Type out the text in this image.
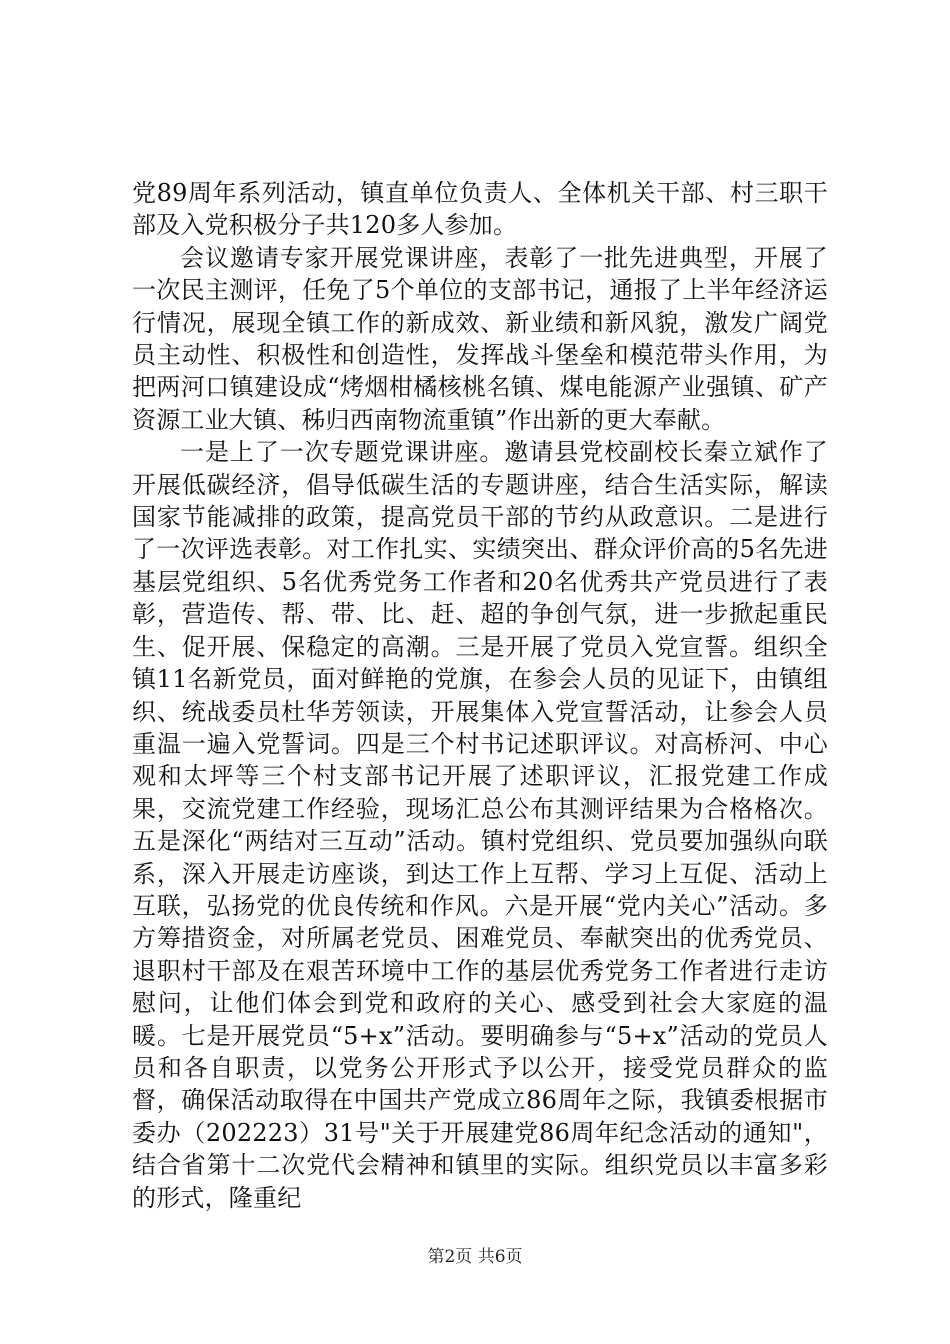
党89周年系列活动，镇直单位负责人、全体机关干部、村三职干部及入党积极分子共120多人参加。

会议邀请专家开展党课讲座，表彰了一批先进典型，开展了一次民主测评，任免了5个单位的支部书记，通报了上半年经济运行情况，展现全镇工作的新成效、新业绩和新风貌，激发广阔党员主动性、积极性和创造性，发挥战斗堡垒和模范带头作用，为把两河口镇建设成“烤烟柑橘核桃名镇、煤电能源产业强镇、矿产资源工业大镇、秭归西南物流重镇”作出新的更大奉献。

一是上了一次专题党课讲座。邀请县党校副校长秦立斌作了开展低碳经济，倡导低碳生活的专题讲座，结合生活实际，解读国家节能减排的政策，提高党员干部的节约从政意识。二是进行了一次评选表彰。对工作扎实、实绩突出、群众评价高的5名先进基层党组织、5名优秀党务工作者和20名优秀共产党员进行了表彰，营造传、帮、带、比、赶、超的争创气氛，进一步掀起重民生、促开展、保稳定的高潮。三是开展了党员入党宣誓。组织全镇11名新党员，面对鲜艳的党旗，在参会人员的见证下，由镇组织、统战委员杜华芳领读，开展集体入党宣誓活动，让参会人员重温一遍入党誓词。四是三个村书记述职评议。对高桥河、中心观和太坪等三个村支部书记开展了述职评议，汇报党建工作成果，交流党建工作经验，现场汇总公布其测评结果为合格格次。五是深化“两结对三互动”活动。镇村党组织、党员要加强纵向联系，深入开展走访座谈，到达工作上互帮、学习上互促、活动上互联，弘扬党的优良传统和作风。六是开展“党内关心”活动。多方筹措资金，对所属老党员、困难党员、奉献突出的优秀党员、退职村干部及在艰苦环境中工作的基层优秀党务工作者进行走访慰问，让他们体会到党和政府的关心、感受到社会大家庭的温暖。七是开展党员“5+x”活动。要明确参与“5+x”活动的党员人员和各自职责，以党务公开形式予以公开，接受党员群众的监督，确保活动取得在中国共产党成立86周年之际，我镇委根据市委办（202223）31号"关于开展建党86周年纪念活动的通知"，结合省第十二次党代会精神和镇里的实际。组织党员以丰富多彩的形式，隆重纪

第2页 共6页
